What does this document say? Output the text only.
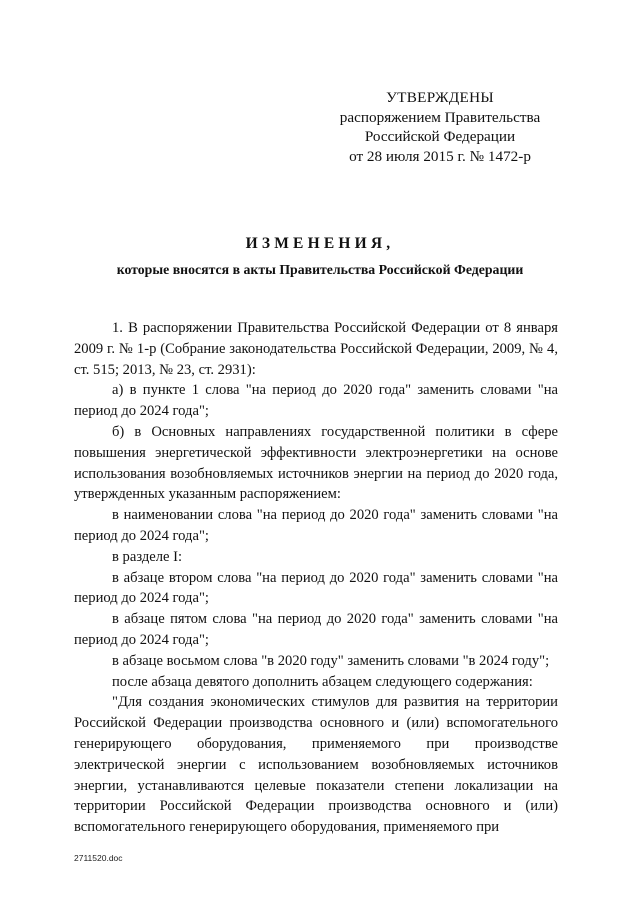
УТВЕРЖДЕНЫ
распоряжением Правительства
Российской Федерации
от 28 июля 2015 г. № 1472-р
ИЗМЕНЕНИЯ,
которые вносятся в акты Правительства Российской Федерации

1. В распоряжении Правительства Российской Федерации от 8 января 2009 г. № 1-р (Собрание законодательства Российской Федерации, 2009, № 4, ст. 515; 2013, № 23, ст. 2931):

а) в пункте 1 слова "на период до 2020 года" заменить словами "на период до 2024 года";

б) в Основных направлениях государственной политики в сфере повышения энергетической эффективности электроэнергетики на основе использования возобновляемых источников энергии на период до 2020 года, утвержденных указанным распоряжением:

в наименовании слова "на период до 2020 года" заменить словами "на период до 2024 года";

в разделе I:

в абзаце втором слова "на период до 2020 года" заменить словами "на период до 2024 года";

в абзаце пятом слова "на период до 2020 года" заменить словами "на период до 2024 года";

в абзаце восьмом слова "в 2020 году" заменить словами "в 2024 году";

после абзаца девятого дополнить абзацем следующего содержания:

"Для создания экономических стимулов для развития на территории Российской Федерации производства основного и (или) вспомогательного генерирующего оборудования, применяемого при производстве электрической энергии с использованием возобновляемых источников энергии, устанавливаются целевые показатели степени локализации на территории Российской Федерации производства основного и (или) вспомогательного генерирующего оборудования, применяемого при

2711520.doc
